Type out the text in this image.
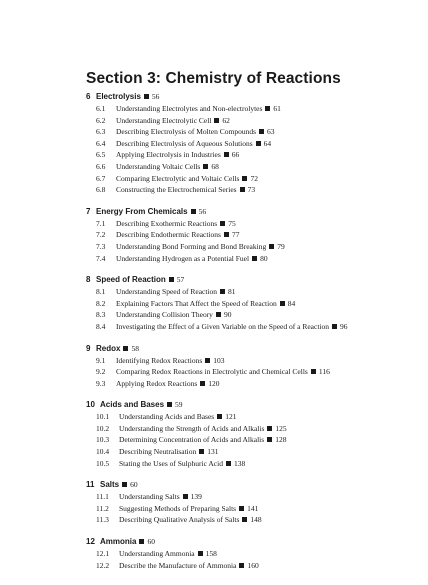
Section 3: Chemistry of Reactions
6 Electrolysis 56
6.1 Understanding Electrolytes and Non-electrolytes 61
6.2 Understanding Electrolytic Cell 62
6.3 Describing Electrolysis of Molten Compounds 63
6.4 Describing Electrolysis of Aqueous Solutions 64
6.5 Applying Electrolysis in Industries 66
6.6 Understanding Voltaic Cells 68
6.7 Comparing Electrolytic and Voltaic Cells 72
6.8 Constructing the Electrochemical Series 73
7 Energy From Chemicals 56
7.1 Describing Exothermic Reactions 75
7.2 Describing Endothermic Reactions 77
7.3 Understanding Bond Forming and Bond Breaking 79
7.4 Understanding Hydrogen as a Potential Fuel 80
8 Speed of Reaction 57
8.1 Understanding Speed of Reaction 81
8.2 Explaining Factors That Affect the Speed of Reaction 84
8.3 Understanding Collision Theory 90
8.4 Investigating the Effect of a Given Variable on the Speed of a Reaction 96
9 Redox 58
9.1 Identifying Redox Reactions 103
9.2 Comparing Redox Reactions in Electrolytic and Chemical Cells 116
9.3 Applying Redox Reactions 120
10 Acids and Bases 59
10.1 Understanding Acids and Bases 121
10.2 Understanding the Strength of Acids and Alkalis 125
10.3 Determining Concentration of Acids and Alkalis 128
10.4 Describing Neutralisation 131
10.5 Stating the Uses of Sulphuric Acid 138
11 Salts 60
11.1 Understanding Salts 139
11.2 Suggesting Methods of Preparing Salts 141
11.3 Describing Qualitative Analysis of Salts 148
12 Ammonia 60
12.1 Understanding Ammonia 158
12.2 Describe the Manufacture of Ammonia 160
